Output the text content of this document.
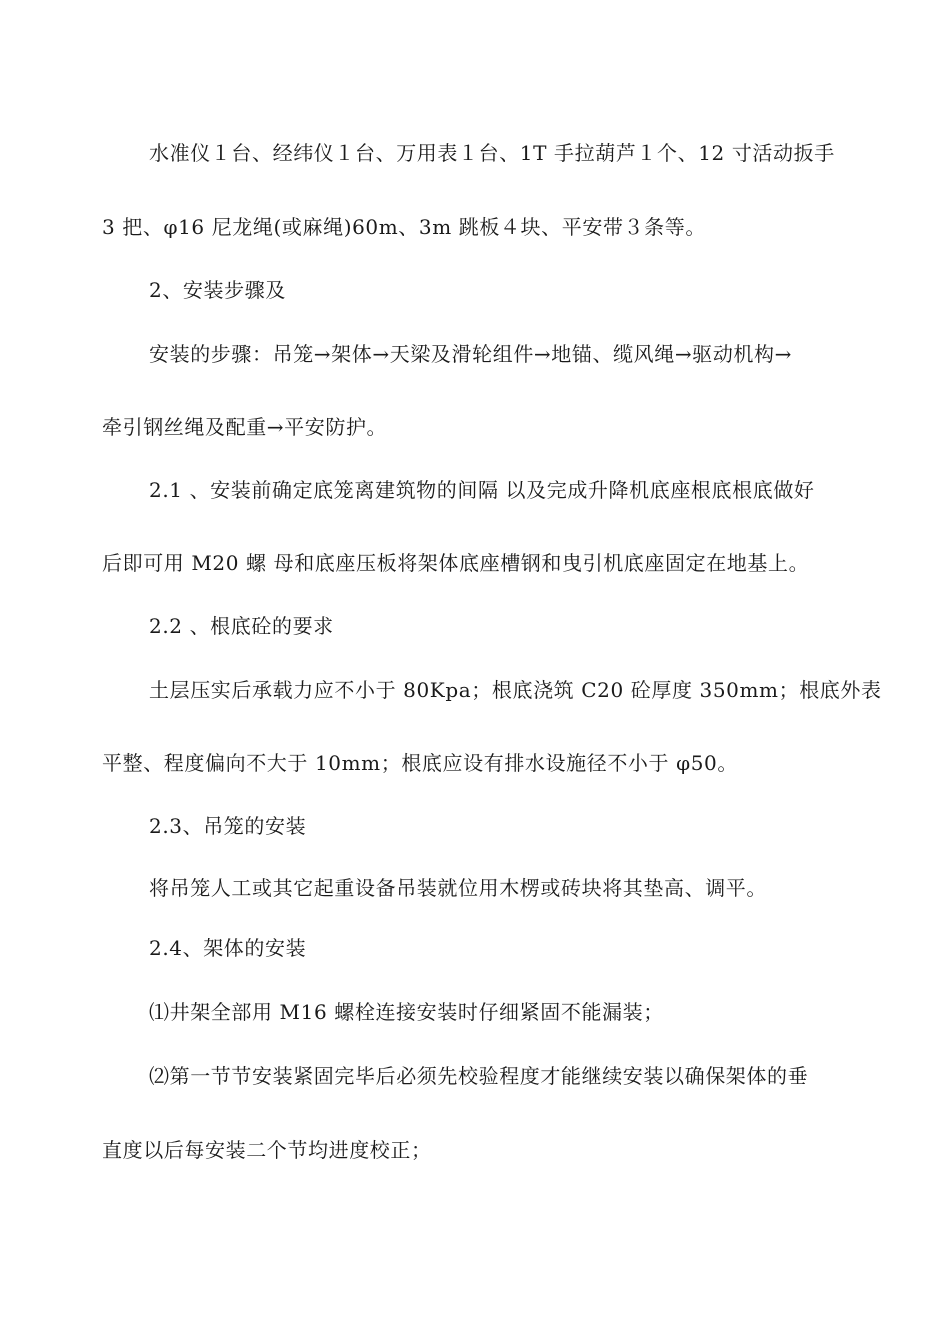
水准仪１台、经纬仪１台、万用表１台、1T 手拉葫芦１个、12 寸活动扳手
3 把、φ16 尼龙绳(或麻绳)60m、3m 跳板４块、平安带３条等。
2、安装步骤及
安装的步骤：吊笼→架体→天梁及滑轮组件→地锚、缆风绳→驱动机构→
牵引钢丝绳及配重→平安防护。
2.1 、安装前确定底笼离建筑物的间隔 以及完成升降机底座根底根底做好
后即可用 M20 螺 母和底座压板将架体底座槽钢和曳引机底座固定在地基上。
2.2 、根底砼的要求
土层压实后承载力应不小于 80Kpa；根底浇筑 C20 砼厚度 350mm；根底外表
平整、程度偏向不大于 10mm；根底应设有排水设施径不小于 φ50。
2.3、吊笼的安装
将吊笼人工或其它起重设备吊装就位用木楞或砖块将其垫高、调平。
2.4、架体的安装
⑴井架全部用 M16 螺栓连接安装时仔细紧固不能漏装；
⑵第一节节安装紧固完毕后必须先校验程度才能继续安装以确保架体的垂
直度以后每安装二个节均进度校正；
